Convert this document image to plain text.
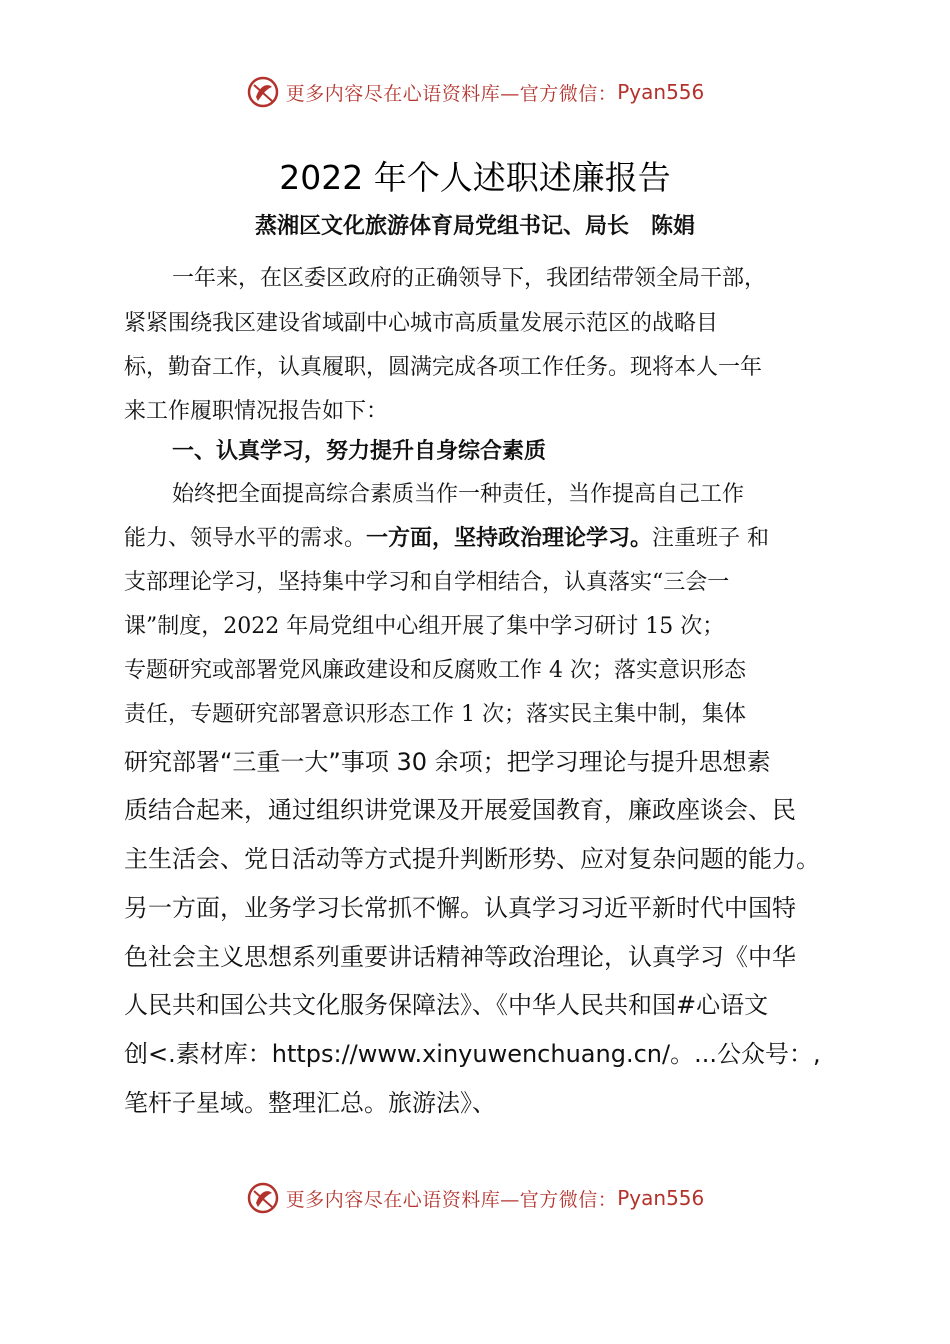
更多内容尽在心语资料库—官方微信： Pyan556
2022 年个人述职述廉报告
蒸湘区文化旅游体育局党组书记、局长　陈娟
一年来，在区委区政府的正确领导下，我团结带领全局干部，
紧紧围绕我区建设省域副中心城市高质量发展示范区的战略目
标，勤奋工作，认真履职，圆满完成各项工作任务。现将本人一年
来工作履职情况报告如下：
一、认真学习，努力提升自身综合素质
始终把全面提高综合素质当作一种责任，当作提高自己工作
能力、领导水平的需求。一方面，坚持政治理论学习。注重班子 和
支部理论学习，坚持集中学习和自学相结合，认真落实“三会一
课”制度，2022 年局党组中心组开展了集中学习研讨 15 次；
专题研究或部署党风廉政建设和反腐败工作 4 次；落实意识形态
责任，专题研究部署意识形态工作 1 次；落实民主集中制，集体
研究部署“三重一大”事项 30 余项；把学习理论与提升思想素
质结合起来，通过组织讲党课及开展爱国教育，廉政座谈会、民
主生活会、党日活动等方式提升判断形势、应对复杂问题的能力。
另一方面，业务学习长常抓不懈。认真学习习近平新时代中国特
色社会主义思想系列重要讲话精神等政治理论，认真学习《中华
人民共和国公共文化服务保障法》、《中华人民共和国#心语文
创<.素材库：https://www.xinyuwenchuang.cn/。...公众号：,
笔杆子星域。整理汇总。旅游法》、
更多内容尽在心语资料库—官方微信： Pyan556
